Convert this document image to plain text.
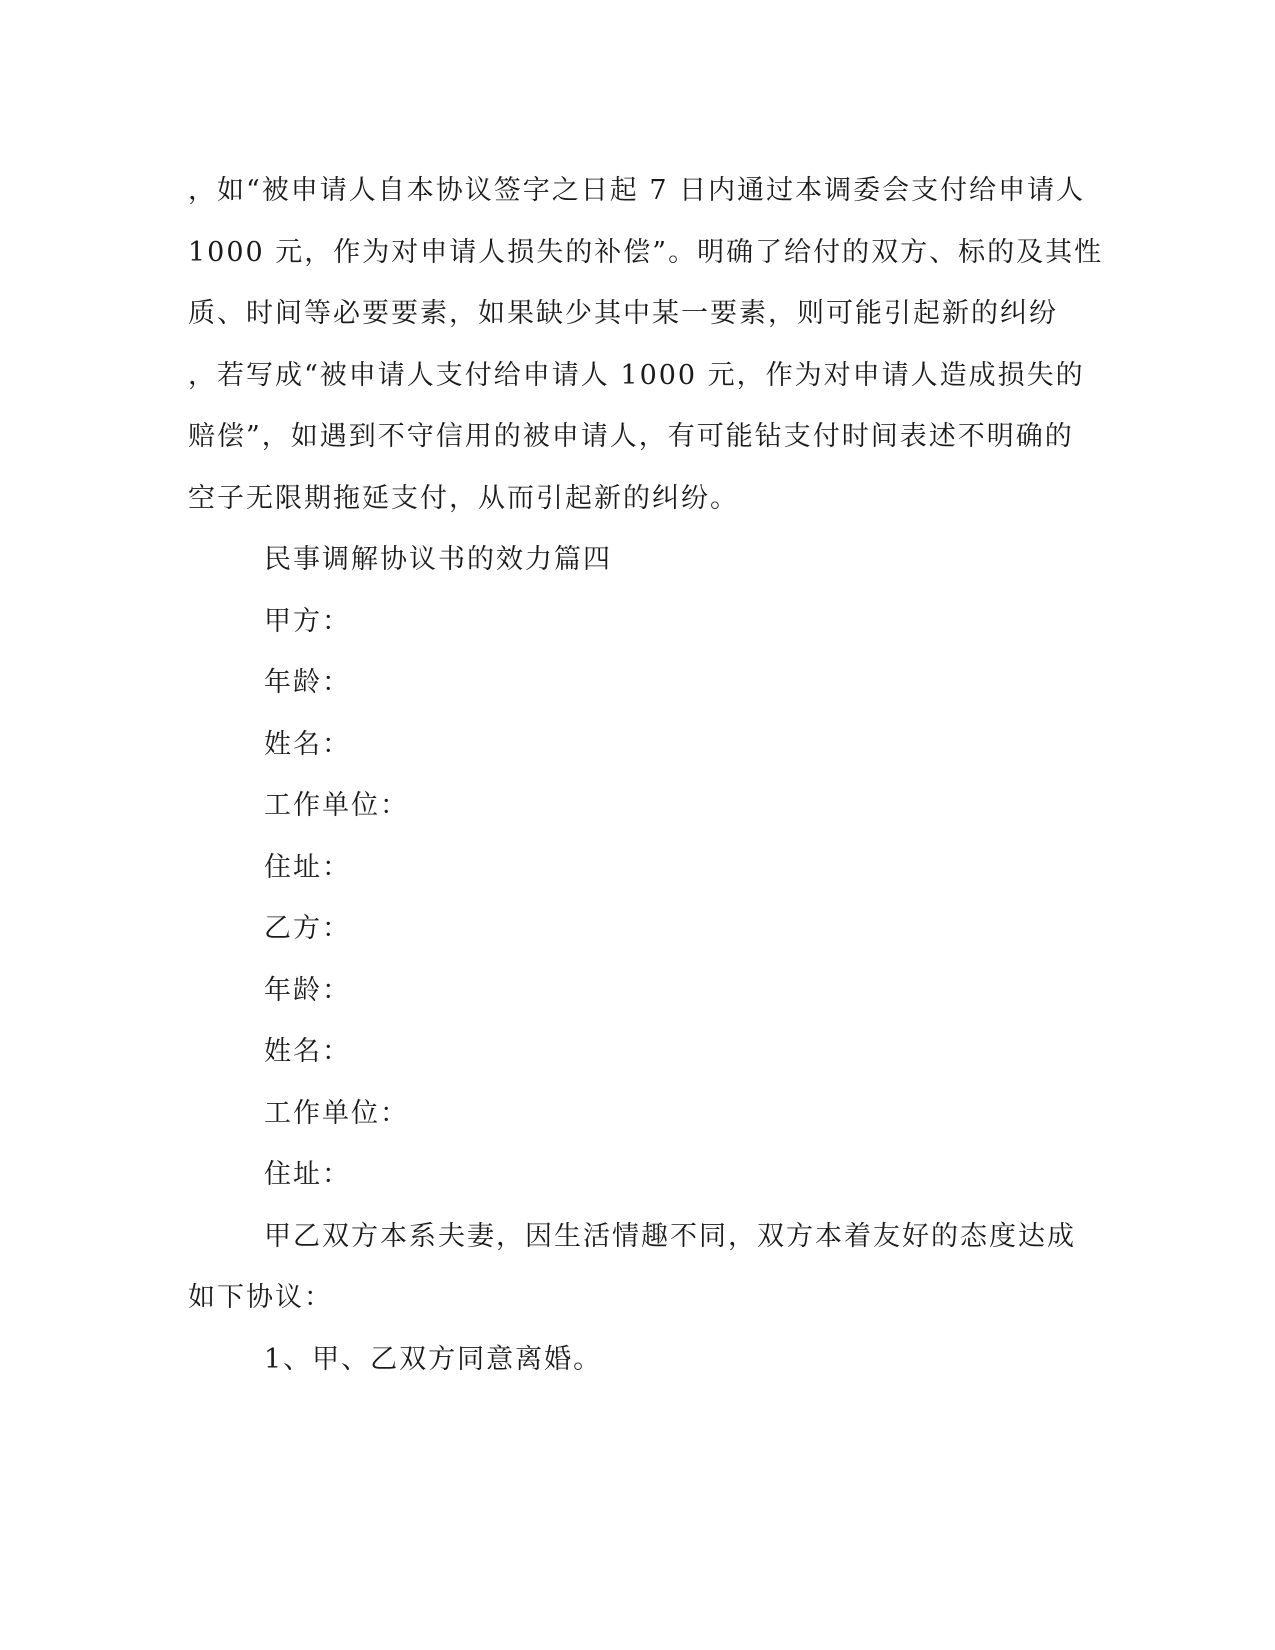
，如“被申请人自本协议签字之日起 7 日内通过本调委会支付给申请人
1000 元，作为对申请人损失的补偿”。明确了给付的双方、标的及其性
质、时间等必要要素，如果缺少其中某一要素，则可能引起新的纠纷
，若写成“被申请人支付给申请人 1000 元，作为对申请人造成损失的
赔偿”，如遇到不守信用的被申请人，有可能钻支付时间表述不明确的
空子无限期拖延支付，从而引起新的纠纷。
民事调解协议书的效力篇四
甲方：
年龄：
姓名：
工作单位：
住址：
乙方：
年龄：
姓名：
工作单位：
住址：
甲乙双方本系夫妻，因生活情趣不同，双方本着友好的态度达成
如下协议：
1、甲、乙双方同意离婚。
